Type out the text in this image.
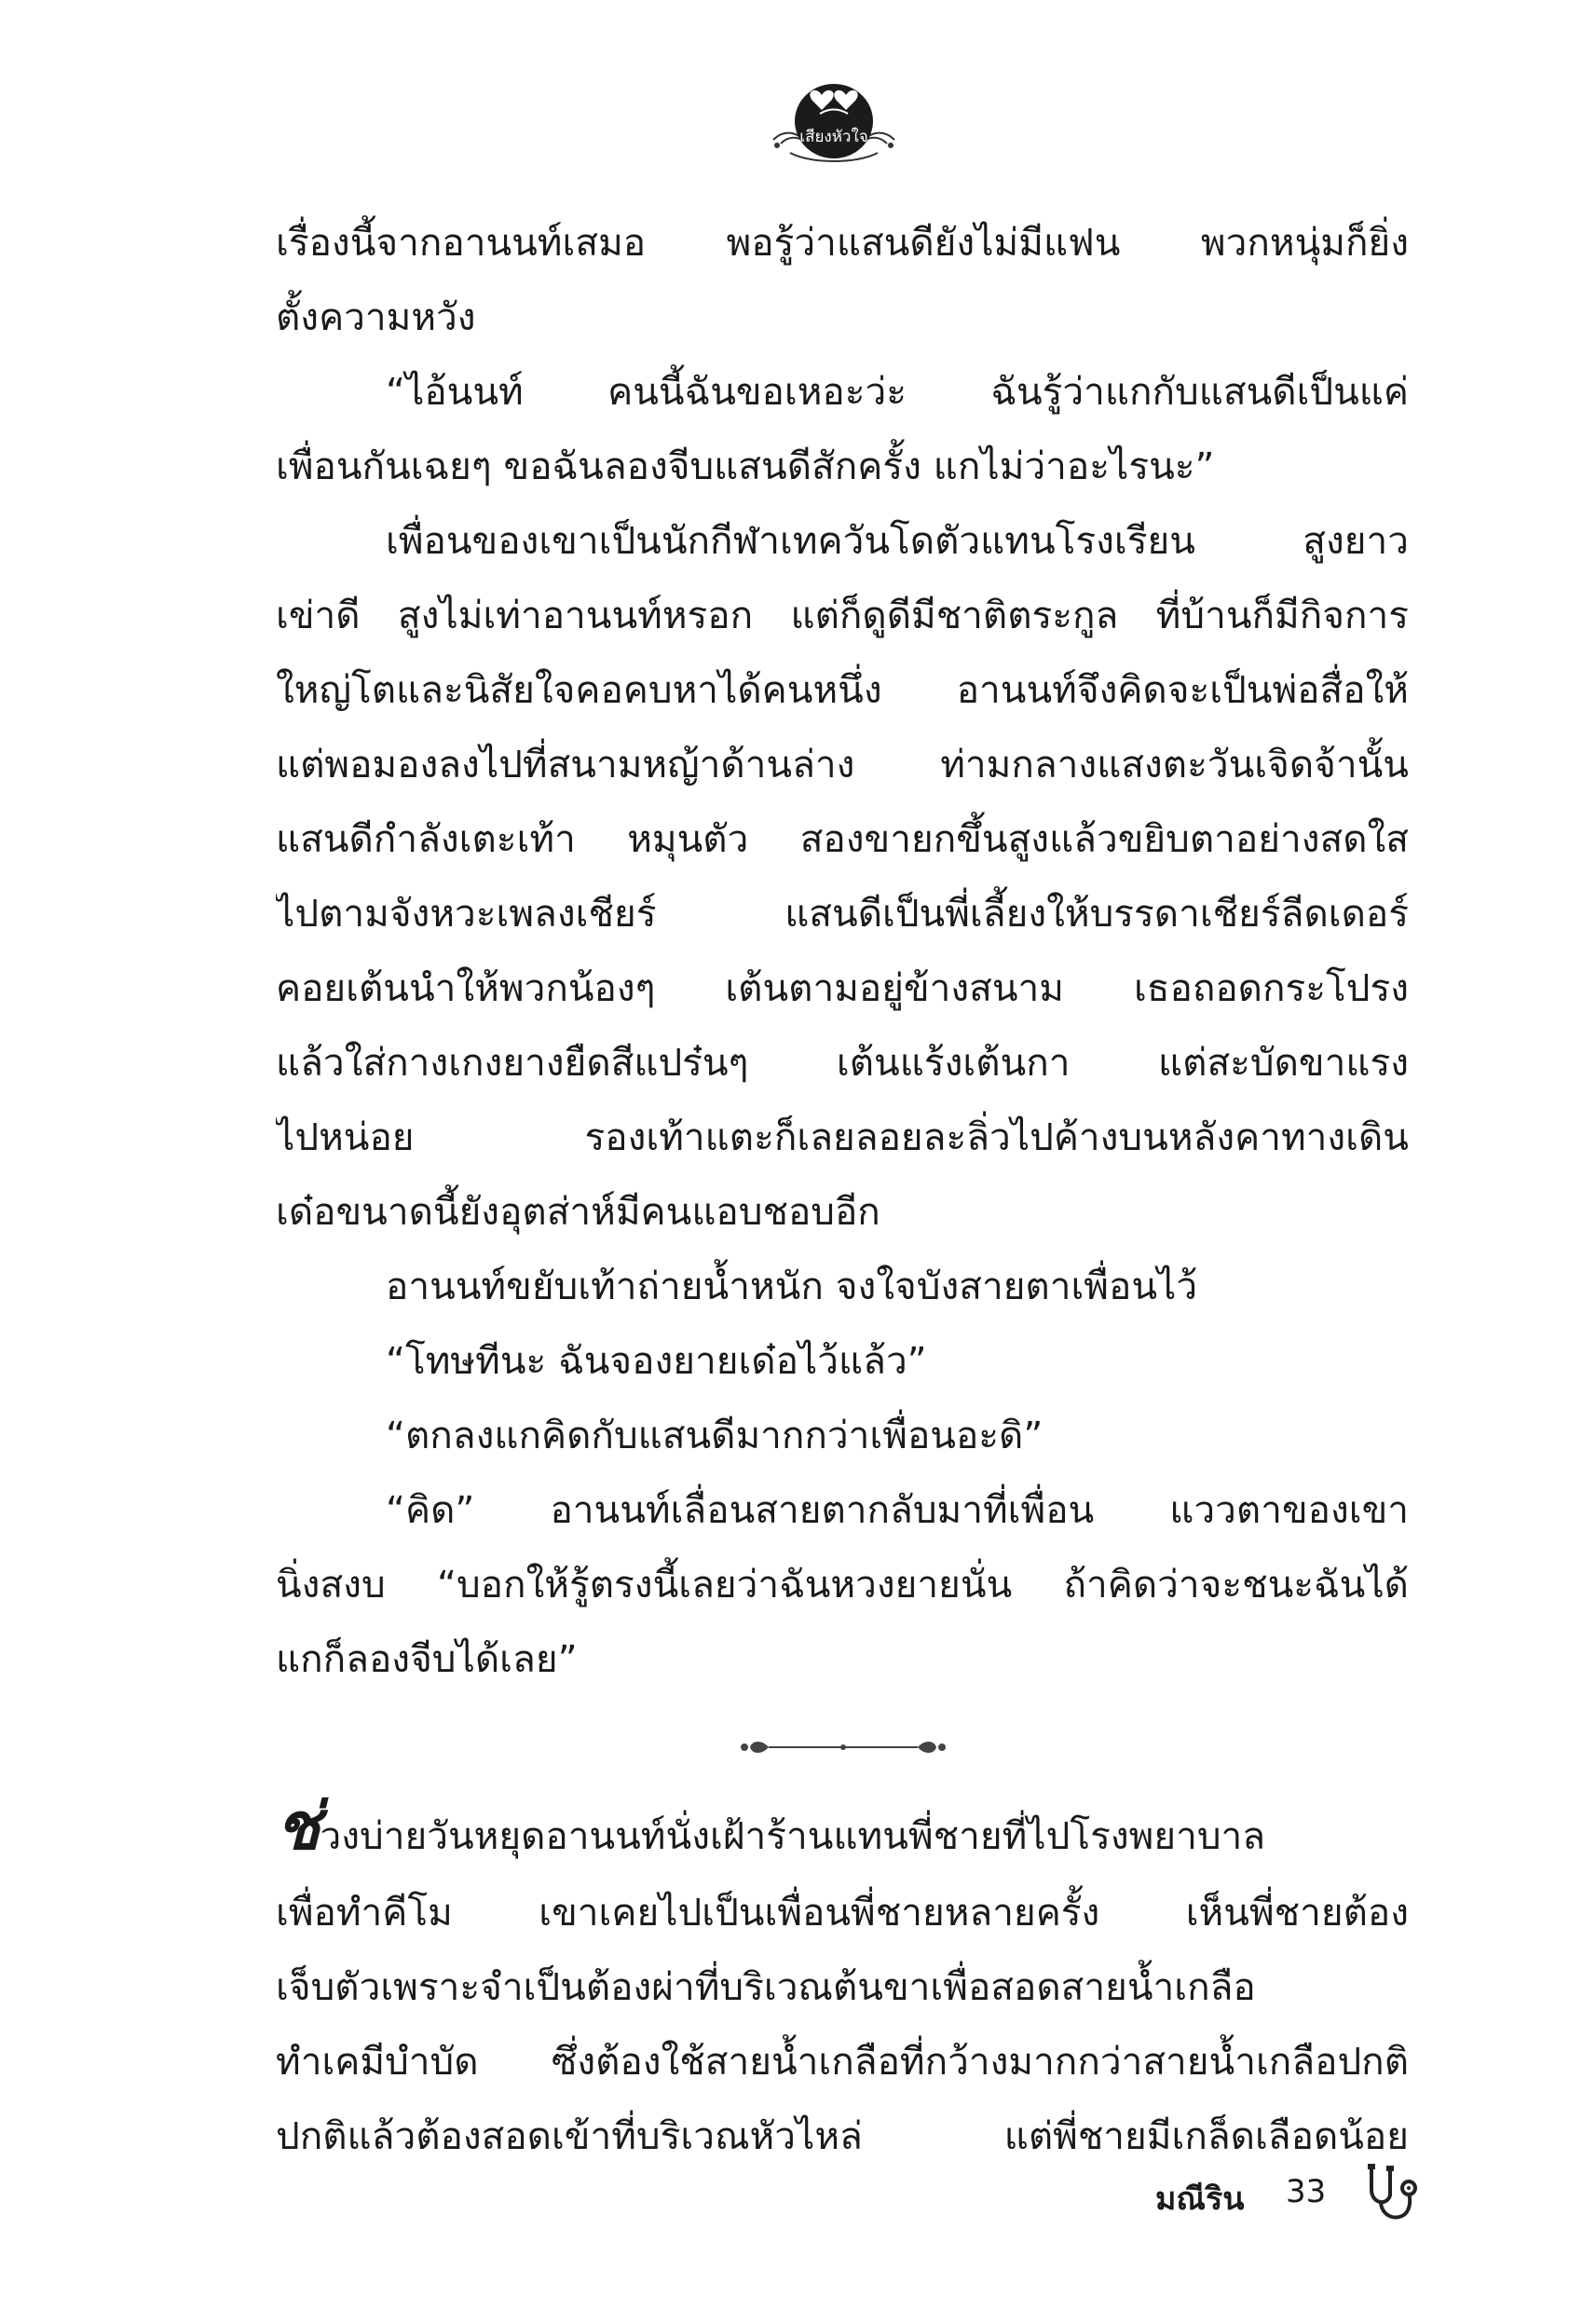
เสียงหัวใจ
เรื่องนี้จากอานนท์เสมอ พอรู้ว่าแสนดียังไม่มีแฟน พวกหนุ่มก็ยิ่ง
ตั้งความหวัง
“ไอ้นนท์ คนนี้ฉันขอเหอะว่ะ ฉันรู้ว่าแกกับแสนดีเป็นแค่
เพื่อนกันเฉยๆ ขอฉันลองจีบแสนดีสักครั้ง แกไม่ว่าอะไรนะ”
เพื่อนของเขาเป็นนักกีฬาเทควันโดตัวแทนโรงเรียน สูงยาว
เข่าดี สูงไม่เท่าอานนท์หรอก แต่ก็ดูดีมีชาติตระกูล ที่บ้านก็มีกิจการ
ใหญ่โตและนิสัยใจคอคบหาได้คนหนึ่ง อานนท์จึงคิดจะเป็นพ่อสื่อให้
แต่พอมองลงไปที่สนามหญ้าด้านล่าง ท่ามกลางแสงตะวันเจิดจ้านั้น
แสนดีกำลังเตะเท้า หมุนตัว สองขายกขึ้นสูงแล้วขยิบตาอย่างสดใส
ไปตามจังหวะเพลงเชียร์ แสนดีเป็นพี่เลี้ยงให้บรรดาเชียร์ลีดเดอร์
คอยเต้นนำให้พวกน้องๆ เต้นตามอยู่ข้างสนาม เธอถอดกระโปรง
แล้วใส่กางเกงยางยืดสีแปร๋นๆ เต้นแร้งเต้นกา แต่สะบัดขาแรง
ไปหน่อย รองเท้าแตะก็เลยลอยละลิ่วไปค้างบนหลังคาทางเดิน
เด๋อขนาดนี้ยังอุตส่าห์มีคนแอบชอบอีก
อานนท์ขยับเท้าถ่ายน้ำหนัก จงใจบังสายตาเพื่อนไว้
“โทษทีนะ ฉันจองยายเด๋อไว้แล้ว”
“ตกลงแกคิดกับแสนดีมากกว่าเพื่อนอะดิ”
“คิด” อานนท์เลื่อนสายตากลับมาที่เพื่อน แววตาของเขา
นิ่งสงบ “บอกให้รู้ตรงนี้เลยว่าฉันหวงยายนั่น ถ้าคิดว่าจะชนะฉันได้
แกก็ลองจีบได้เลย”
ช่วงบ่ายวันหยุดอานนท์นั่งเฝ้าร้านแทนพี่ชายที่ไปโรงพยาบาล
เพื่อทำคีโม เขาเคยไปเป็นเพื่อนพี่ชายหลายครั้ง เห็นพี่ชายต้อง
เจ็บตัวเพราะจำเป็นต้องผ่าที่บริเวณต้นขาเพื่อสอดสายน้ำเกลือ
ทำเคมีบำบัด ซึ่งต้องใช้สายน้ำเกลือที่กว้างมากกว่าสายน้ำเกลือปกติ
ปกติแล้วต้องสอดเข้าที่บริเวณหัวไหล่ แต่พี่ชายมีเกล็ดเลือดน้อย
มณีริน 33
